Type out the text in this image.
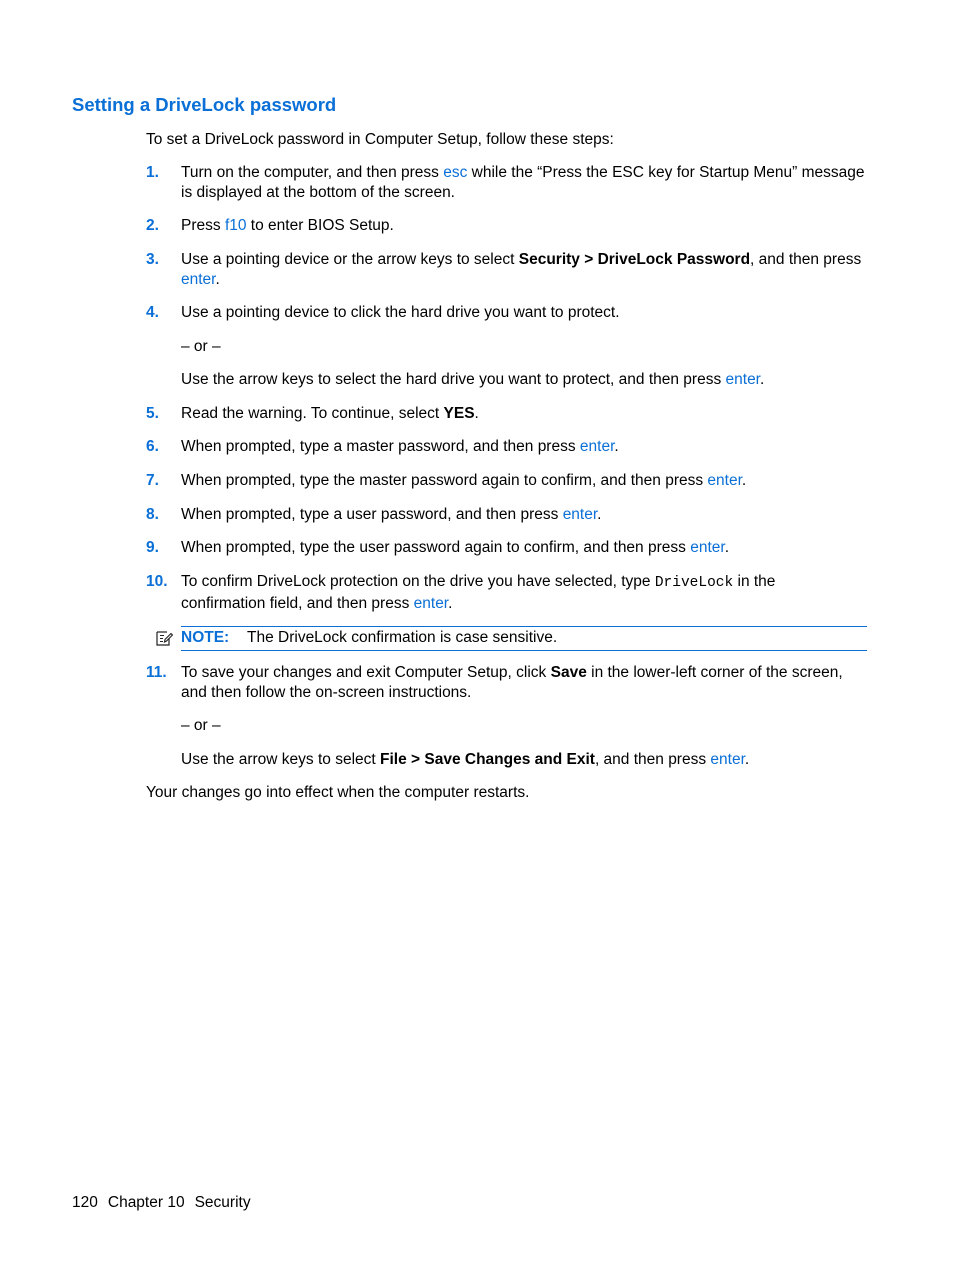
Setting a DriveLock password
To set a DriveLock password in Computer Setup, follow these steps:
1. Turn on the computer, and then press esc while the “Press the ESC key for Startup Menu” message is displayed at the bottom of the screen.
2. Press f10 to enter BIOS Setup.
3. Use a pointing device or the arrow keys to select Security > DriveLock Password, and then press enter.
4. Use a pointing device to click the hard drive you want to protect.
– or –
Use the arrow keys to select the hard drive you want to protect, and then press enter.
5. Read the warning. To continue, select YES.
6. When prompted, type a master password, and then press enter.
7. When prompted, type the master password again to confirm, and then press enter.
8. When prompted, type a user password, and then press enter.
9. When prompted, type the user password again to confirm, and then press enter.
10. To confirm DriveLock protection on the drive you have selected, type DriveLock in the confirmation field, and then press enter.
NOTE: The DriveLock confirmation is case sensitive.
11. To save your changes and exit Computer Setup, click Save in the lower-left corner of the screen, and then follow the on-screen instructions.
– or –
Use the arrow keys to select File > Save Changes and Exit, and then press enter.
Your changes go into effect when the computer restarts.
120 Chapter 10 Security
